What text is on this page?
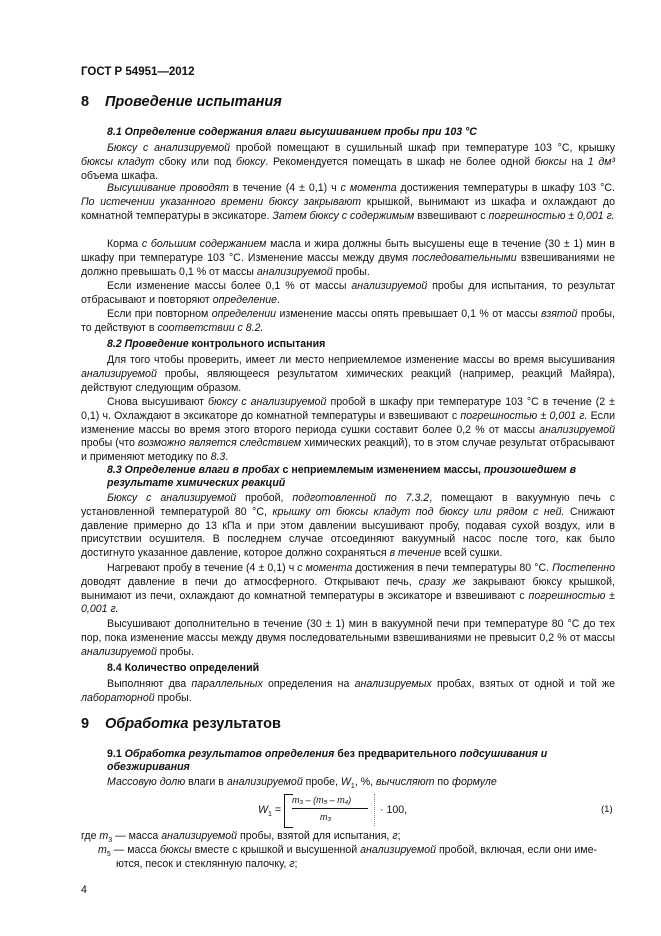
ГОСТ Р 54951—2012
8 Проведение испытания
8.1 Определение содержания влаги высушиванием пробы при 103 °С

Бюксу с анализируемой пробой помещают в сушильный шкаф при температуре 103 °С, крышку бюксы кладут сбоку или под бюксу. Рекомендуется помещать в шкаф не более одной бюксы на 1 дм³ объема шкафа.

Высушивание проводят в течение (4 ± 0,1) ч с момента достижения температуры в шкафу 103 °С. По истечении указанного времени бюксу закрывают крышкой, вынимают из шкафа и охлаждают до комнатной температуры в эксикаторе. Затем бюксу с содержимым взвешивают с погрешностью ± 0,001 г.

Корма с большим содержанием масла и жира должны быть высушены еще в течение (30 ± 1) мин в шкафу при температуре 103 °С. Изменение массы между двумя последовательными взвешиваниями не должно превышать 0,1 % от массы анализируемой пробы.

Если изменение массы более 0,1 % от массы анализируемой пробы для испытания, то результат отбрасывают и повторяют определение.

Если при повторном определении изменение массы опять превышает 0,1 % от массы взятой пробы, то действуют в соответствии с 8.2.

8.2 Проведение контрольного испытания

Для того чтобы проверить, имеет ли место неприемлемое изменение массы во время высушивания анализируемой пробы, являющееся результатом химических реакций (например, реакций Майяра), действуют следующим образом.

Снова высушивают бюксу с анализируемой пробой в шкафу при температуре 103 °С в течение (2 ± 0,1) ч. Охлаждают в эксикаторе до комнатной температуры и взвешивают с погрешностью ± 0,001 г. Если изменение массы во время этого второго периода сушки составит более 0,2 % от массы анализируемой пробы (что возможно является следствием химических реакций), то в этом случае результат отбрасывают и применяют методику по 8.3.

8.3 Определение влаги в пробах с неприемлемым изменением массы, произошедшем в результате химических реакций

Бюксу с анализируемой пробой, подготовленной по 7.3.2, помещают в вакуумную печь с установленной температурой 80 °С, крышку от бюксы кладут под бюксу или рядом с ней. Снижают давление примерно до 13 кПа и при этом давлении высушивают пробу, подавая сухой воздух, или в присутствии осушителя. В последнем случае отсоединяют вакуумный насос после того, как было достигнуто указанное давление, которое должно сохраняться в течение всей сушки.

Нагревают пробу в течение (4 ± 0,1) ч с момента достижения в печи температуры 80 °С. Постепенно доводят давление в печи до атмосферного. Открывают печь, сразу же закрывают бюксу крышкой, вынимают из печи, охлаждают до комнатной температуры в эксикаторе и взвешивают с погрешностью ± 0,001 г.

Высушивают дополнительно в течение (30 ± 1) мин в вакуумной печи при температуре 80 °С до тех пор, пока изменение массы между двумя последовательными взвешиваниями не превысит 0,2 % от массы анализируемой пробы.

8.4 Количество определений

Выполняют два параллельных определения на анализируемых пробах, взятых от одной и той же лабораторной пробы.

9 Обработка результатов
9.1 Обработка результатов определения без предварительного подсушивания и обезжиривания

Массовую долю влаги в анализируемой пробе, $W_1$, %, вычисляют по формуле

$W_1$ =
m₃ – (m₅ – m₄)
m₃
· 100,	(1)
где $m_3$ — масса анализируемой пробы, взятой для испытания, г;
$m_5$ — масса бюксы вместе с крышкой и высушенной анализируемой пробой, включая, если они име-
ются, песок и стеклянную палочку, г;
4
